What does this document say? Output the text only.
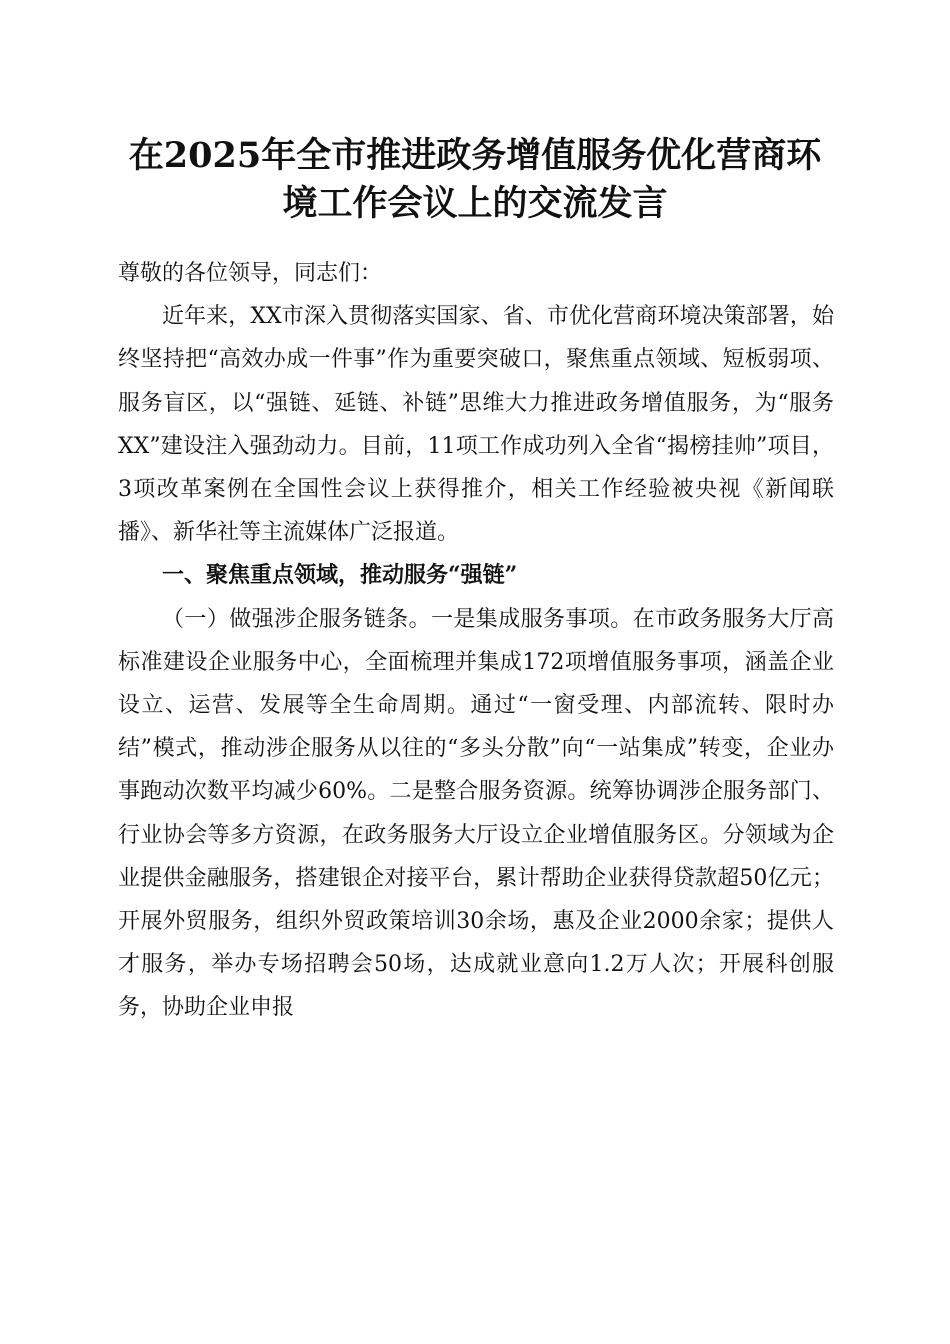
在2025年全市推进政务增值服务优化营商环
境工作会议上的交流发言

尊敬的各位领导，同志们：

近年来，XX市深入贯彻落实国家、省、市优化营商环境决策部署，始终坚持把“高效办成一件事”作为重要突破口，聚焦重点领域、短板弱项、服务盲区，以“强链、延链、补链”思维大力推进政务增值服务，为“服务XX”建设注入强劲动力。目前，11项工作成功列入全省“揭榜挂帅”项目，3项改革案例在全国性会议上获得推介，相关工作经验被央视《新闻联播》、新华社等主流媒体广泛报道。

一、聚焦重点领域，推动服务“强链”

（一）做强涉企服务链条。一是集成服务事项。在市政务服务大厅高标准建设企业服务中心，全面梳理并集成172项增值服务事项，涵盖企业设立、运营、发展等全生命周期。通过“一窗受理、内部流转、限时办结”模式，推动涉企服务从以往的“多头分散”向“一站集成”转变，企业办事跑动次数平均减少60%。二是整合服务资源。统筹协调涉企服务部门、行业协会等多方资源，在政务服务大厅设立企业增值服务区。分领域为企业提供金融服务，搭建银企对接平台，累计帮助企业获得贷款超50亿元；开展外贸服务，组织外贸政策培训30余场，惠及企业2000余家；提供人才服务，举办专场招聘会50场，达成就业意向1.2万人次；开展科创服务，协助企业申报
